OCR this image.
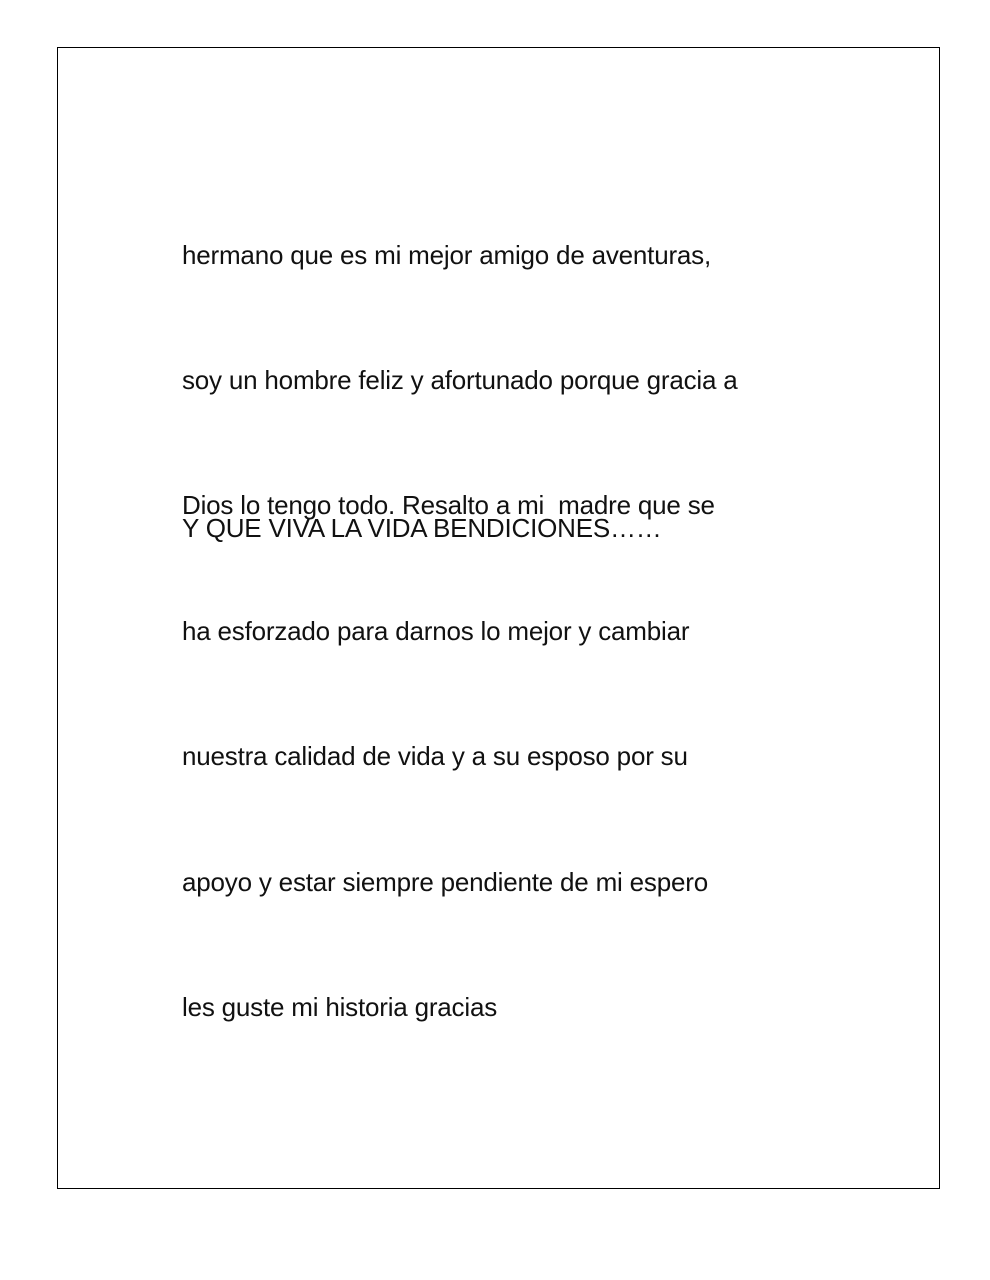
hermano que es mi mejor amigo de aventuras,

soy un hombre feliz y afortunado porque gracia a

Dios lo tengo todo. Resalto a mi  madre que se

ha esforzado para darnos lo mejor y cambiar

nuestra calidad de vida y a su esposo por su

apoyo y estar siempre pendiente de mi espero

les guste mi historia gracias

Y QUE VIVA LA VIDA BENDICIONES……
